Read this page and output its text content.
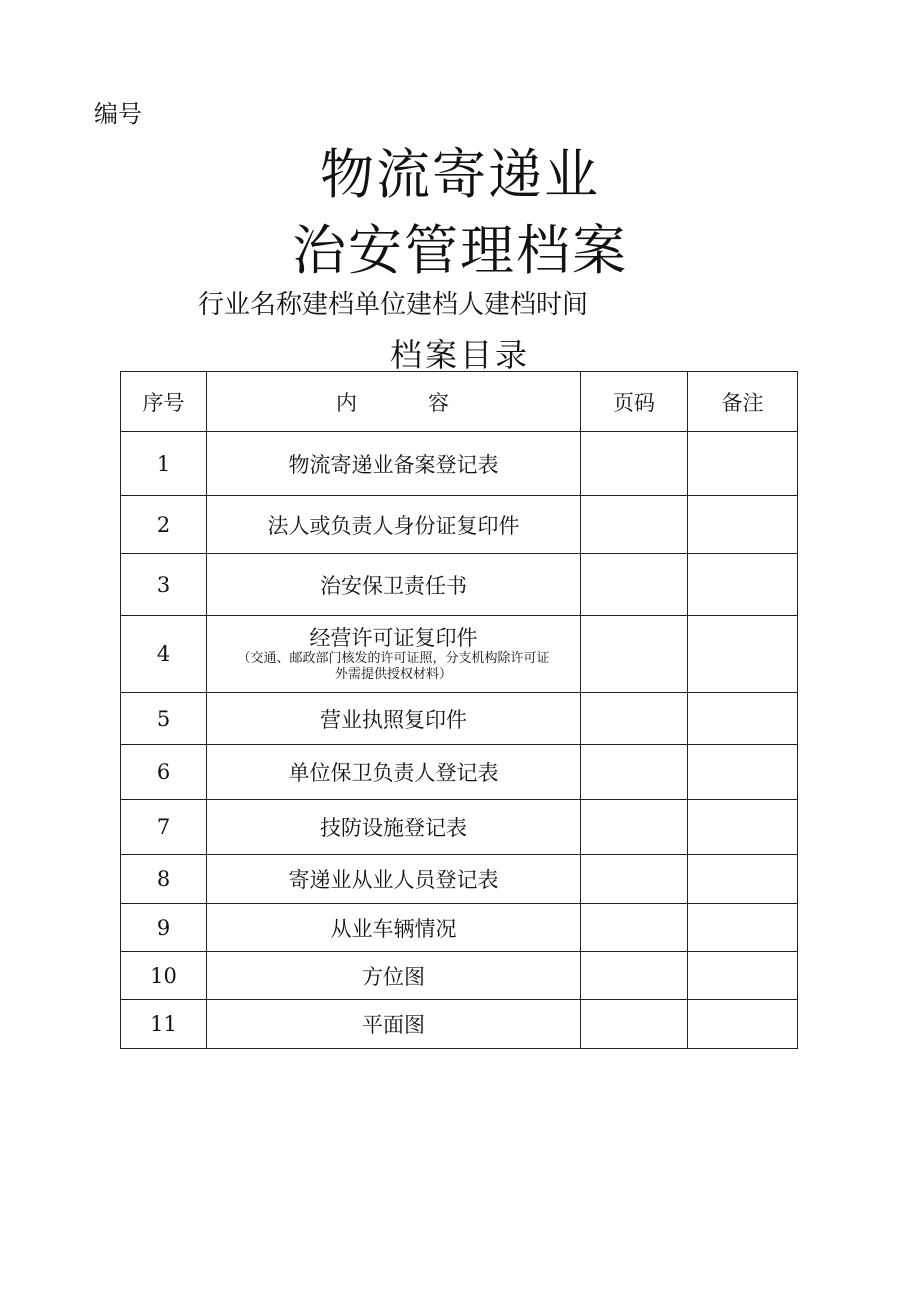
编号
物流寄递业
治安管理档案
行业名称建档单位建档人建档时间
档案目录
序号	内　　　容	页码	备注
1	物流寄递业备案登记表		
2	法人或负责人身份证复印件		
3	治安保卫责任书		
4	经营许可证复印件
（交通、邮政部门核发的许可证照，分支机构除许可证
外需提供授权材料）		

5	营业执照复印件		
6	单位保卫负责人登记表		
7	技防设施登记表		
8	寄递业从业人员登记表		
9	从业车辆情况		
10	方位图		
11	平面图		
